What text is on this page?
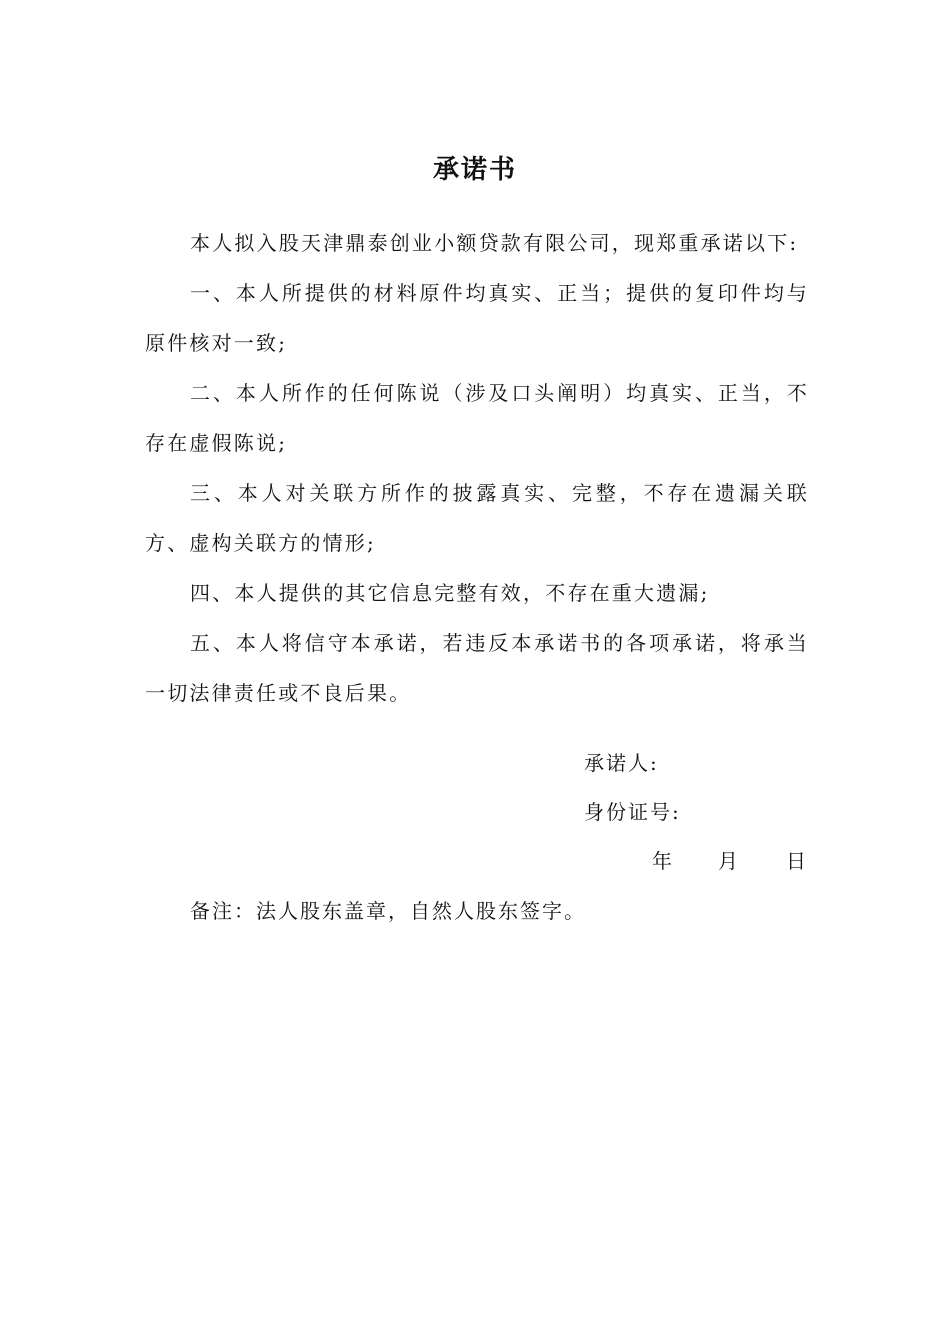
承诺书

本人拟入股天津鼎泰创业小额贷款有限公司，现郑重承诺以下:

一、本人所提供的材料原件均真实、正当；提供的复印件均与原件核对一致;

二、本人所作的任何陈说（涉及口头阐明）均真实、正当，不存在虚假陈说;

三、本人对关联方所作的披露真实、完整，不存在遗漏关联方、虚构关联方的情形;

四、本人提供的其它信息完整有效，不存在重大遗漏;

五、本人将信守本承诺，若违反本承诺书的各项承诺，将承当一切法律责任或不良后果。

承诺人:
身份证号:
年 月 日
备注：法人股东盖章，自然人股东签字。
